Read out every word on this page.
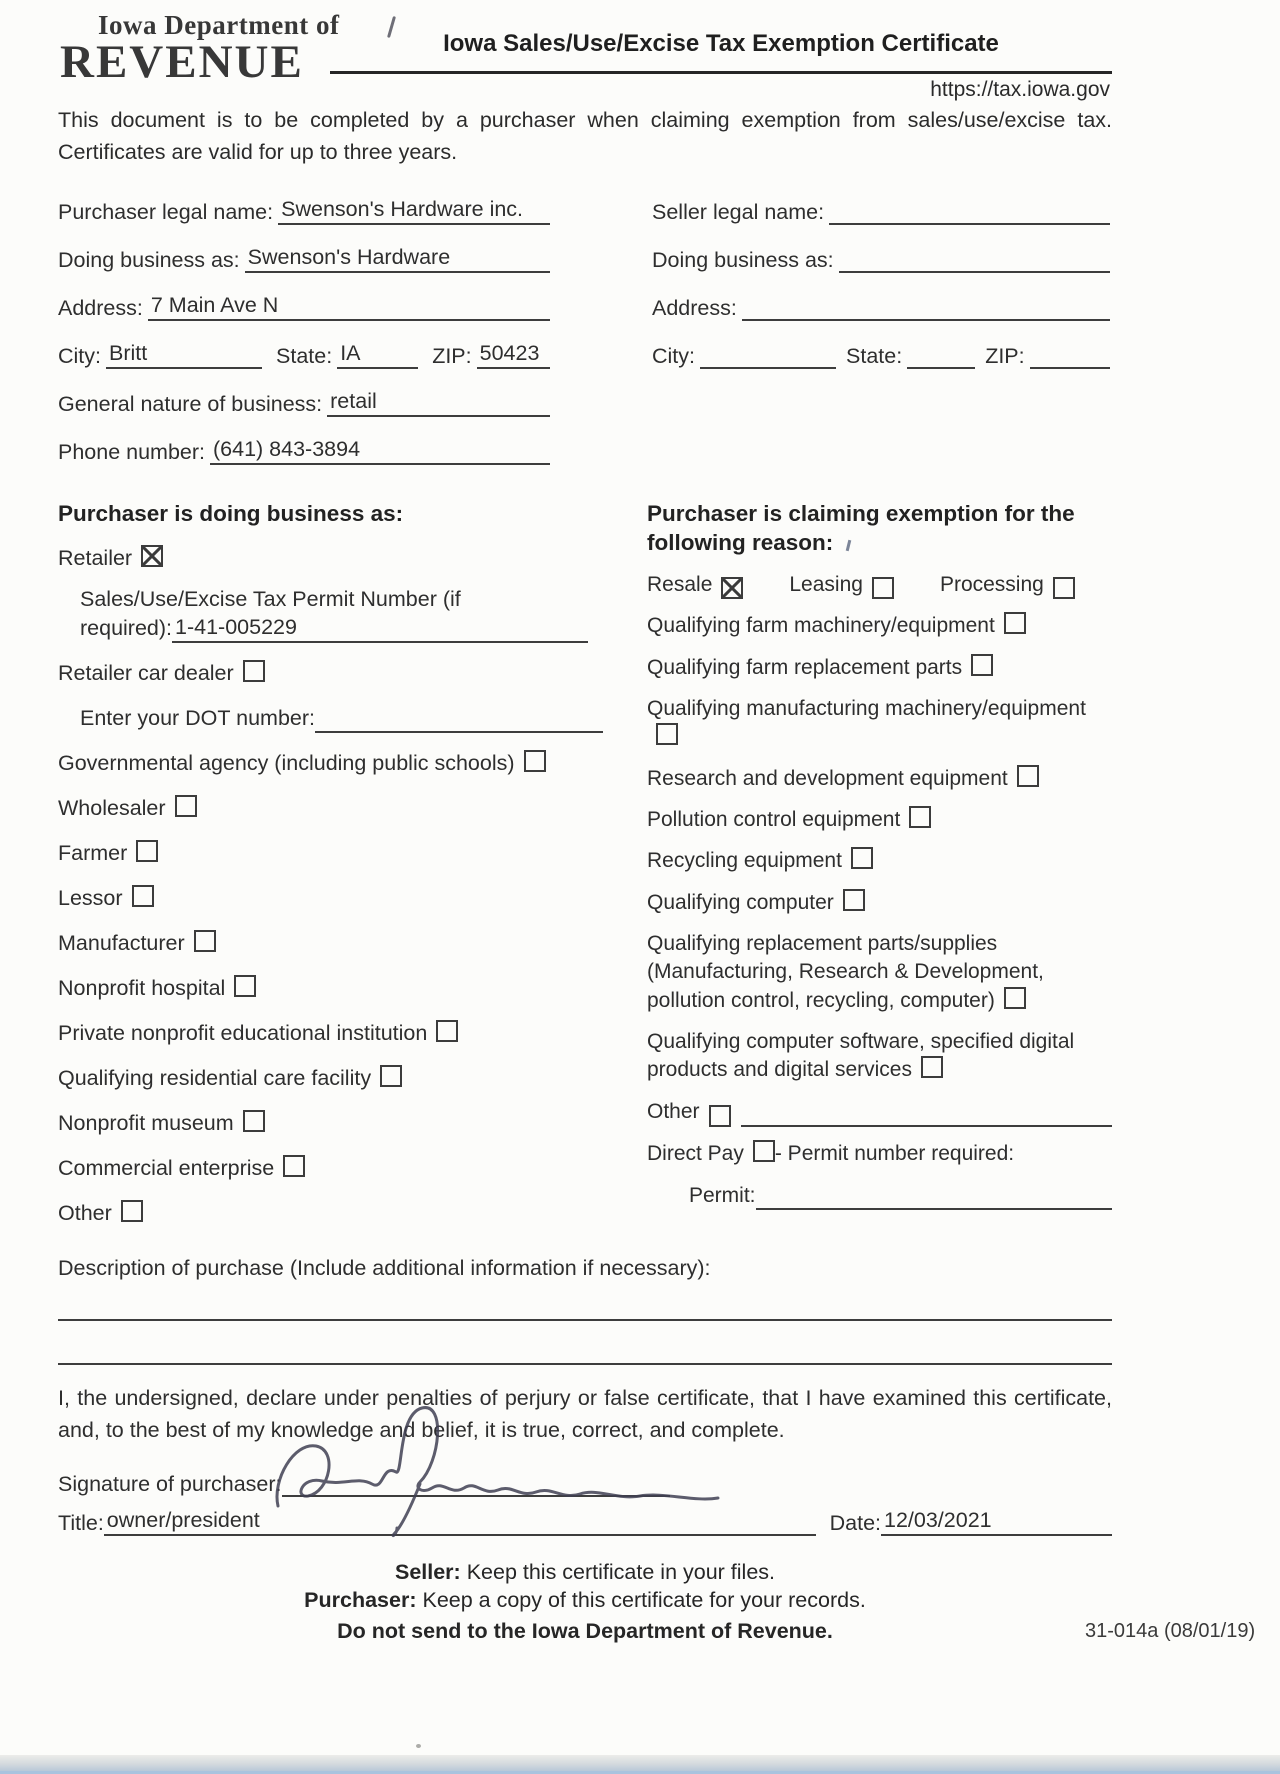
Iowa Department of
REVENUE	Iowa Sales/Use/Excise Tax Exemption Certificate
https://tax.iowa.gov

This document is to be completed by a purchaser when claiming exemption from sales/use/excise tax. Certificates are valid for up to three years.

Purchaser legal name: Swenson's Hardware inc.
Doing business as: Swenson's Hardware
Address: 7 Main Ave N
City: Britt	State: IA	ZIP: 50423
General nature of business: retail
Phone number: (641) 843-3894
Seller legal name:
Doing business as:
Address:
City:	State:	ZIP:
Purchaser is doing business as:
Retailer
Sales/Use/Excise Tax Permit Number (if
required): 1-41-005229
Retailer car dealer
Enter your DOT number:
Governmental agency (including public schools)
Wholesaler
Farmer
Lessor
Manufacturer
Nonprofit hospital
Private nonprofit educational institution
Qualifying residential care facility
Nonprofit museum
Commercial enterprise
Other
Purchaser is claiming exemption for the
following reason:
Resale	Leasing	Processing
Qualifying farm machinery/equipment
Qualifying farm replacement parts
Qualifying manufacturing machinery/equipment
Research and development equipment
Pollution control equipment
Recycling equipment
Qualifying computer
Qualifying replacement parts/supplies (Manufacturing, Research & Development, pollution control, recycling, computer)
Qualifying computer software, specified digital products and digital services
Other
Direct Pay - Permit number required:
Permit:
Description of purchase (Include additional information if necessary):

I, the undersigned, declare under penalties of perjury or false certificate, that I have examined this certificate, and, to the best of my knowledge and belief, it is true, correct, and complete.

Signature of purchaser:
Title: owner/president	Date: 12/03/2021
Seller: Keep this certificate in your files.
Purchaser: Keep a copy of this certificate for your records.
Do not send to the Iowa Department of Revenue.	31-014a (08/01/19)
